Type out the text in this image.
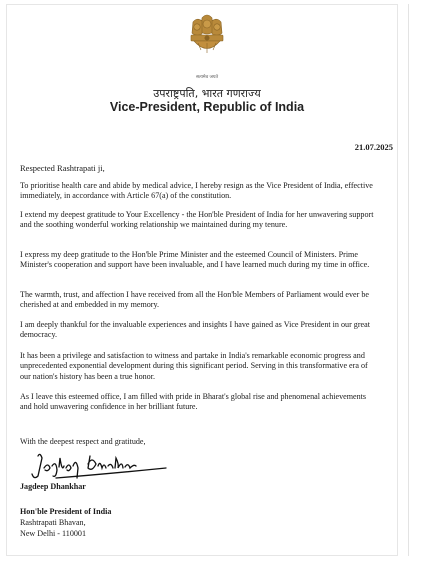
सत्यमेव जयते
उपराष्ट्रपति, भारत गणराज्य
Vice-President, Republic of India
21.07.2025
Respected Rashtrapati ji,
To prioritise health care and abide by medical advice, I hereby resign as the Vice President of India, effective immediately, in accordance with Article 67(a) of the constitution.
I extend my deepest gratitude to Your Excellency - the Hon'ble President of India for her unwavering support and the soothing wonderful working relationship we maintained during my tenure.
I express my deep gratitude to the Hon'ble Prime Minister and the esteemed Council of Ministers. Prime Minister's cooperation and support have been invaluable, and I have learned much during my time in office.
The warmth, trust, and affection I have received from all the Hon'ble Members of Parliament would ever be cherished at and embedded in my memory.
I am deeply thankful for the invaluable experiences and insights I have gained as Vice President in our great democracy.
It has been a privilege and satisfaction to witness and partake in India's remarkable economic progress and unprecedented exponential development during this significant period. Serving in this transformative era of our nation's history has been a true honor.
As I leave this esteemed office, I am filled with pride in Bharat's global rise and phenomenal achievements and hold unwavering confidence in her brilliant future.
With the deepest respect and gratitude,
Jagdeep Dhankhar
Hon'ble President of India
Rashtrapati Bhavan,
New Delhi - 110001
